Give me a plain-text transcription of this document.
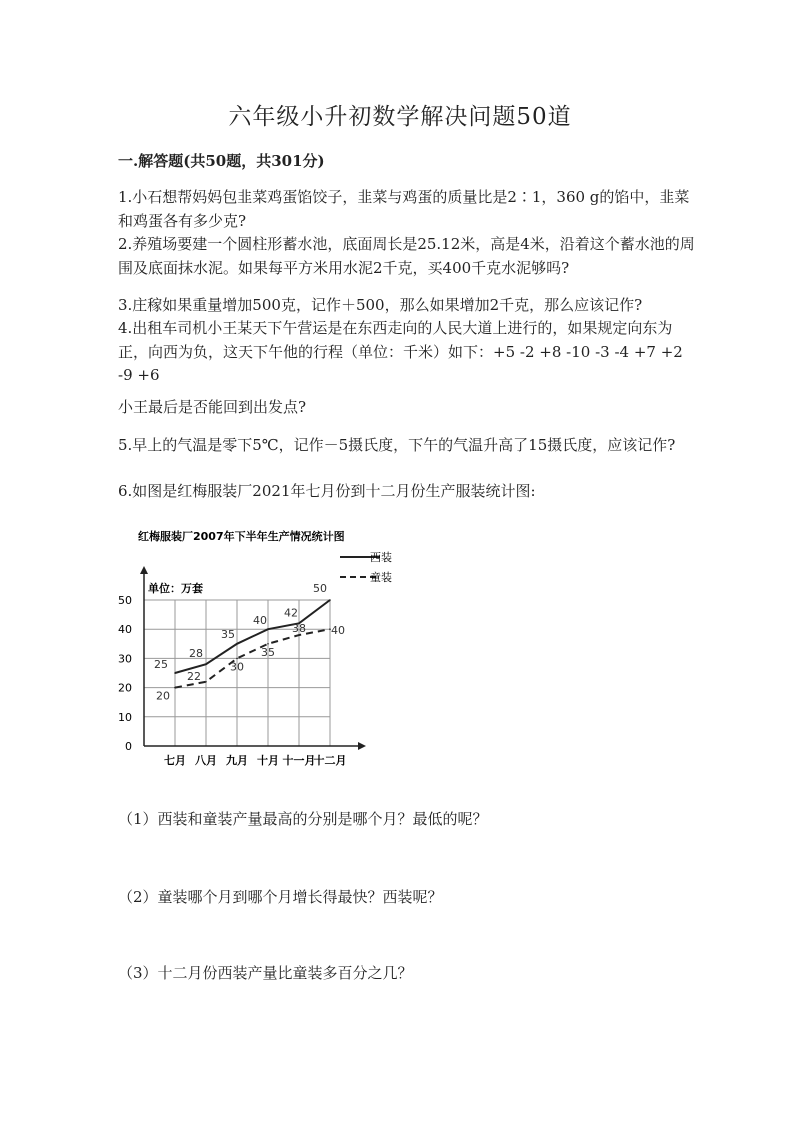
六年级小升初数学解决问题50道
一.解答题(共50题，共301分)

1.小石想帮妈妈包韭菜鸡蛋馅饺子，韭菜与鸡蛋的质量比是2∶1，360 g的馅中，韭菜和鸡蛋各有多少克?

2.养殖场要建一个圆柱形蓄水池，底面周长是25.12米，高是4米，沿着这个蓄水池的周围及底面抹水泥。如果每平方米用水泥2千克，买400千克水泥够吗?

3.庄稼如果重量增加500克，记作＋500，那么如果增加2千克，那么应该记作?

4.出租车司机小王某天下午营运是在东西走向的人民大道上进行的，如果规定向东为正，向西为负，这天下午他的行程（单位：千米）如下：+5 -2 +8 -10 -3 -4 +7 +2 -9 +6

小王最后是否能回到出发点?

5.早上的气温是零下5℃，记作－5摄氏度，下午的气温升高了15摄氏度，应该记作?

6.如图是红梅服装厂2021年七月份到十二月份生产服装统计图:

红梅服装厂2007年下半年生产情况统计图
单位：万套
西装
童装
0
10
20
30
40
50
七月 八月 九月 十月 十一月
十二月
25
28
35
40
42
50
20
22
30
35
38 40
（1）西装和童装产量最高的分别是哪个月？最低的呢？
（2）童装哪个月到哪个月增长得最快？西装呢？
（3）十二月份西装产量比童装多百分之几？
